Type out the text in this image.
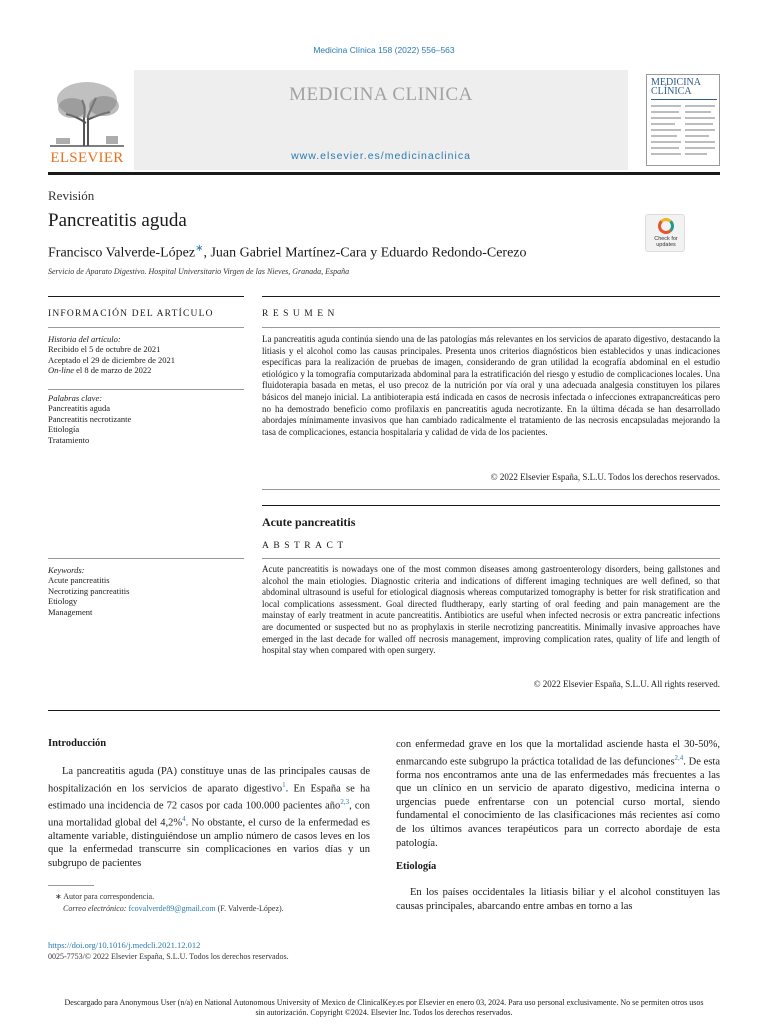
Medicina Clínica 158 (2022) 556–563
ELSEVIER
MEDICINA CLINICA
www.elsevier.es/medicinaclinica
MEDICINA CLÍNICA
Revisión
Pancreatitis aguda
Check for
updates
Francisco Valverde-López∗, Juan Gabriel Martínez-Cara y Eduardo Redondo-Cerezo
Servicio de Aparato Digestivo. Hospital Universitario Virgen de las Nieves, Granada, España
INFORMACIÓN DEL ARTÍCULO	RESUMEN
Historia del artículo:
Recibido el 5 de octubre de 2021
Aceptado el 29 de diciembre de 2021
On-line el 8 de marzo de 2022
Palabras clave:
Pancreatitis aguda
Pancreatitis necrotizante
Etiología
Tratamiento
La pancreatitis aguda continúa siendo una de las patologías más relevantes en los servicios de aparato digestivo, destacando la litiasis y el alcohol como las causas principales. Presenta unos criterios diagnósticos bien establecidos y unas indicaciones específicas para la realización de pruebas de imagen, considerando de gran utilidad la ecografía abdominal en el estudio etiológico y la tomografía computarizada abdominal para la estratificación del riesgo y estudio de complicaciones locales. Una fluidoterapia basada en metas, el uso precoz de la nutrición por vía oral y una adecuada analgesia constituyen los pilares básicos del manejo inicial. La antibioterapia está indicada en casos de necrosis infectada o infecciones extrapancreáticas pero no ha demostrado beneficio como profilaxis en pancreatitis aguda necrotizante. En la última década se han desarrollado abordajes mínimamente invasivos que han cambiado radicalmente el tratamiento de las necrosis encapsuladas mejorando la tasa de complicaciones, estancia hospitalaria y calidad de vida de los pacientes.
© 2022 Elsevier España, S.L.U. Todos los derechos reservados.
Acute pancreatitis
ABSTRACT
Keywords:
Acute pancreatitis
Necrotizing pancreatitis
Etiology
Management
Acute pancreatitis is nowadays one of the most common diseases among gastroenterology disorders, being gallstones and alcohol the main etiologies. Diagnostic criteria and indications of different imaging techniques are well defined, so that abdominal ultrasound is useful for etiological diagnosis whereas computarized tomography is better for risk stratification and local complications assessment. Goal directed fludtherapy, early starting of oral feeding and pain management are the mainstay of early treatment in acute pancreatitis. Antibiotics are useful when infected necrosis or extra pancreatic infections are documented or suspected but no as prophylaxis in sterile necrotizing pancreatitis. Minimally invasive approaches have emerged in the last decade for walled off necrosis management, improving complication rates, quality of life and length of hospital stay when compared with open surgery.
© 2022 Elsevier España, S.L.U. All rights reserved.
Introducción

La pancreatitis aguda (PA) constituye unas de las principales causas de hospitalización en los servicios de aparato digestivo$^1$. En España se ha estimado una incidencia de 72 casos por cada 100.000 pacientes año$^{2,3}$, con una mortalidad global del 4,2%$^4$. No obstante, el curso de la enfermedad es altamente variable, distinguiéndose un amplio número de casos leves en los que la enfermedad transcurre sin complicaciones en varios días y un subgrupo de pacientes

∗ Autor para correspondencia.
Correo electrónico: fcovalverde89@gmail.com (F. Valverde-López).
con enfermedad grave en los que la mortalidad asciende hasta el 30-50%, enmarcando este subgrupo la práctica totalidad de las defunciones$^{2,4}$. De esta forma nos encontramos ante una de las enfermedades más frecuentes a las que un clínico en un servicio de aparato digestivo, medicina interna o urgencias puede enfrentarse con un potencial curso mortal, siendo fundamental el conocimiento de las clasificaciones más recientes así como de los últimos avances terapéuticos para un correcto abordaje de esta patología.
Etiología

En los países occidentales la litiasis biliar y el alcohol constituyen las causas principales, abarcando entre ambas en torno a las

https://doi.org/10.1016/j.medcli.2021.12.012
0025-7753/© 2022 Elsevier España, S.L.U. Todos los derechos reservados.
Descargado para Anonymous User (n/a) en National Autonomous University of Mexico de ClinicalKey.es por Elsevier en enero 03, 2024. Para uso personal exclusivamente. No se permiten otros usos sin autorización. Copyright ©2024. Elsevier Inc. Todos los derechos reservados.
